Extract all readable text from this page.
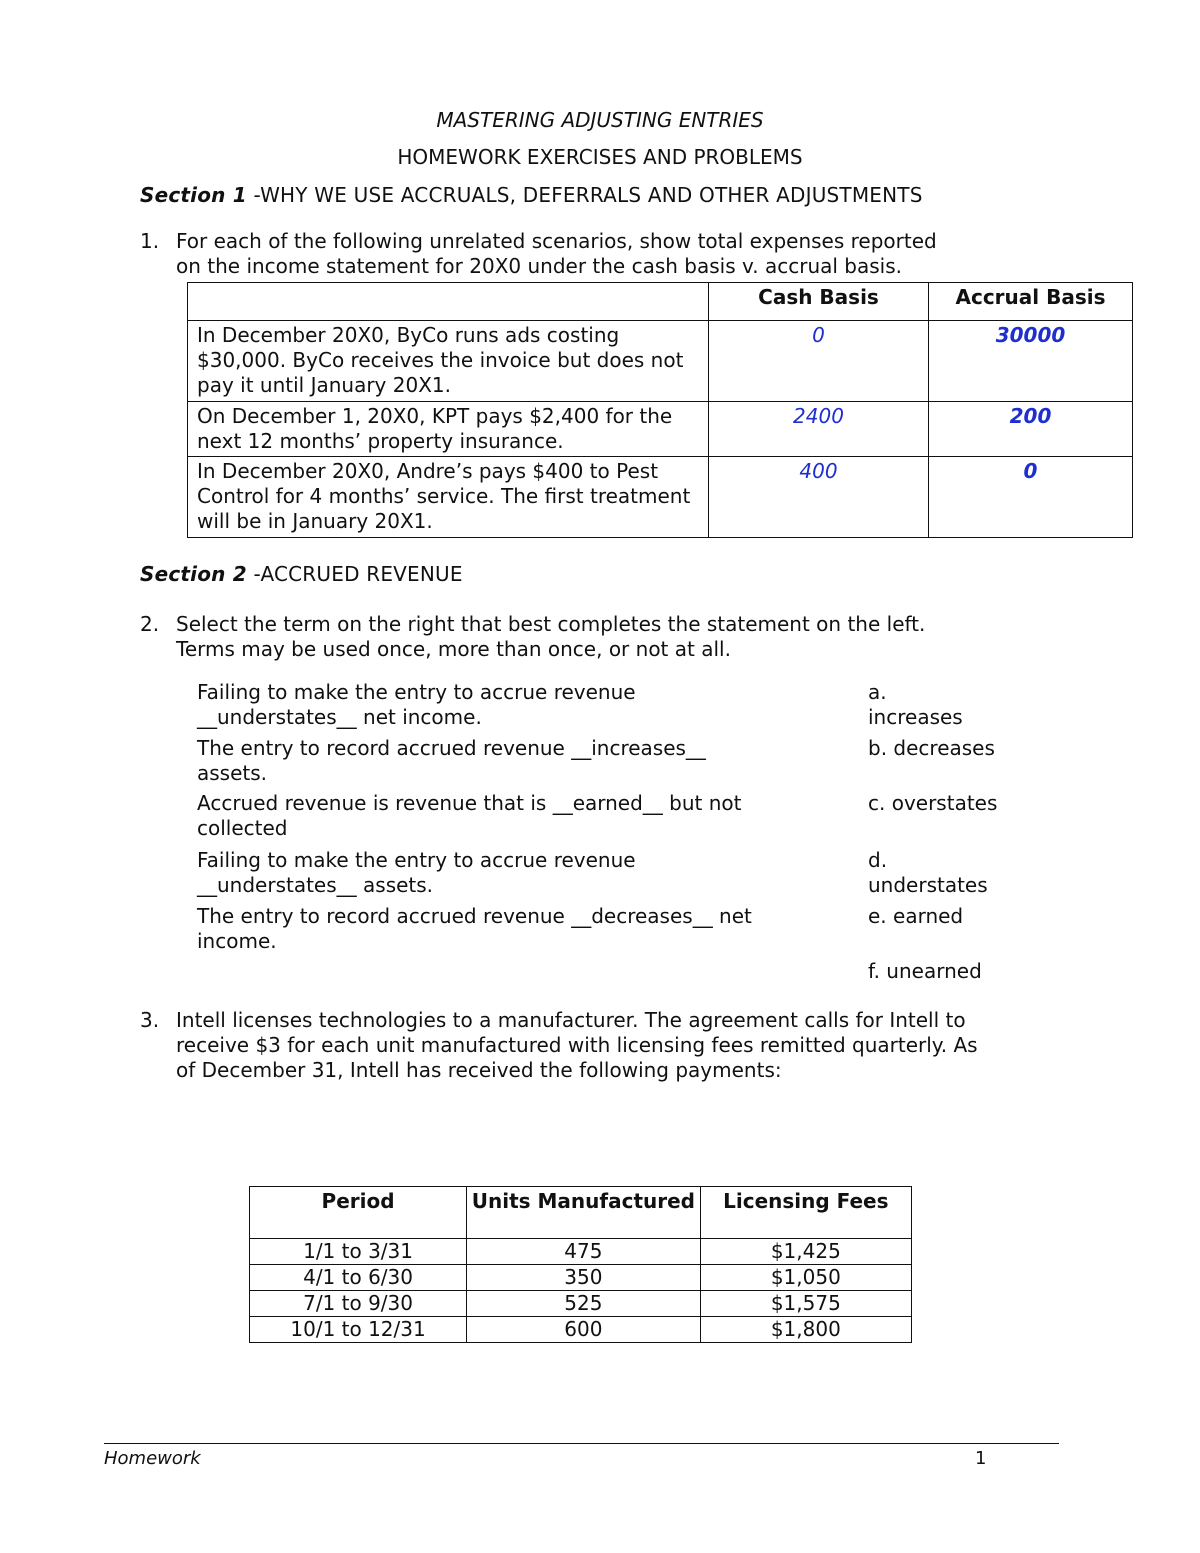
MASTERING ADJUSTING ENTRIES
HOMEWORK EXERCISES AND PROBLEMS
Section 1 -WHY WE USE ACCRUALS, DEFERRALS AND OTHER ADJUSTMENTS
1. For each of the following unrelated scenarios, show total expenses reported
on the income statement for 20X0 under the cash basis v. accrual basis.
	Cash Basis	Accrual Basis
In December 20X0, ByCo runs ads costing $30,000. ByCo receives the invoice but does not pay it until January 20X1.	0	30000
On December 1, 20X0, KPT pays $2,400 for the next 12 months’ property insurance.	2400	200
In December 20X0, Andre’s pays $400 to Pest Control for 4 months’ service. The first treatment will be in January 20X1.	400	0
Section 2 -ACCRUED REVENUE
2. Select the term on the right that best completes the statement on the left.
Terms may be used once, more than once, or not at all.
Failing to make the entry to accrue revenue
__understates__ net income.
a. increases
The entry to record accrued revenue __increases__
assets.
b. decreases
Accrued revenue is revenue that is __earned__ but not
collected
c. overstates
Failing to make the entry to accrue revenue
__understates__ assets.
d. understates
The entry to record accrued revenue __decreases__ net
income.
e. earned
f. unearned
3. Intell licenses technologies to a manufacturer. The agreement calls for Intell to
receive $3 for each unit manufactured with licensing fees remitted quarterly. As
of December 31, Intell has received the following payments:
Period	Units Manufactured	Licensing Fees
1/1 to 3/31	475	$1,425
4/1 to 6/30	350	$1,050
7/1 to 9/30	525	$1,575
10/1 to 12/31	600	$1,800
Homework	1
